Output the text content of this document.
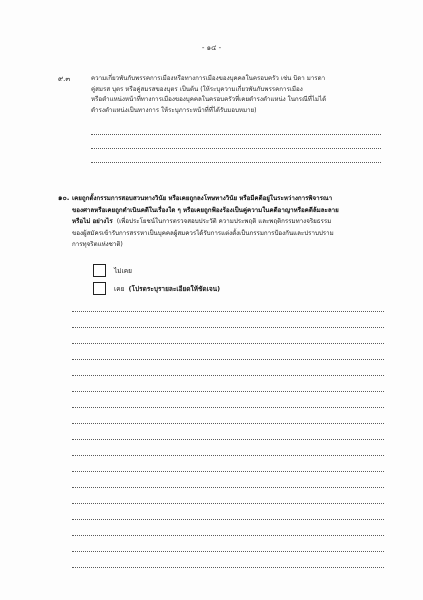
- ๑๔ -
๙.๓	ความเกี่ยวพันกับพรรคการเมืองหรือทางการเมืองของบุคคลในครอบครัว เช่น บิดา มารดา
คู่สมรส บุตร หรือคู่สมรสของบุตร เป็นต้น (ให้ระบุความเกี่ยวพันกับพรรคการเมือง
หรือตำแหน่งหน้าที่ทางการเมืองของบุคคลในครอบครัวที่เคยดำรงตำแหน่ง ในกรณีที่ไม่ได้
ดำรงตำแหน่งเป็นทางการ ให้ระบุภาระหน้าที่ที่ได้รับมอบหมาย)
๑๐. เคยถูกตั้งกรรมการสอบสวนทางวินัย หรือเคยถูกลงโทษทางวินัย หรือมีคดีอยู่ในระหว่างการพิจารณา
ของศาลหรือเคยถูกดำเนินคดีในเรื่องใด ๆ หรือเคยถูกฟ้องร้องเป็นคู่ความในคดีอาญาหรือคดีล้มละลาย
หรือไม่ อย่างไร (เพื่อประโยชน์ในการตรวจสอบประวัติ ความประพฤติ และพฤติกรรมทางจริยธรรม
ของผู้สมัครเข้ารับการสรรหาเป็นบุคคลผู้สมควรได้รับการแต่งตั้งเป็นกรรมการป้องกันและปราบปราม
การทุจริตแห่งชาติ)
ไม่เคย
เคย (โปรดระบุรายละเอียดให้ชัดเจน)
